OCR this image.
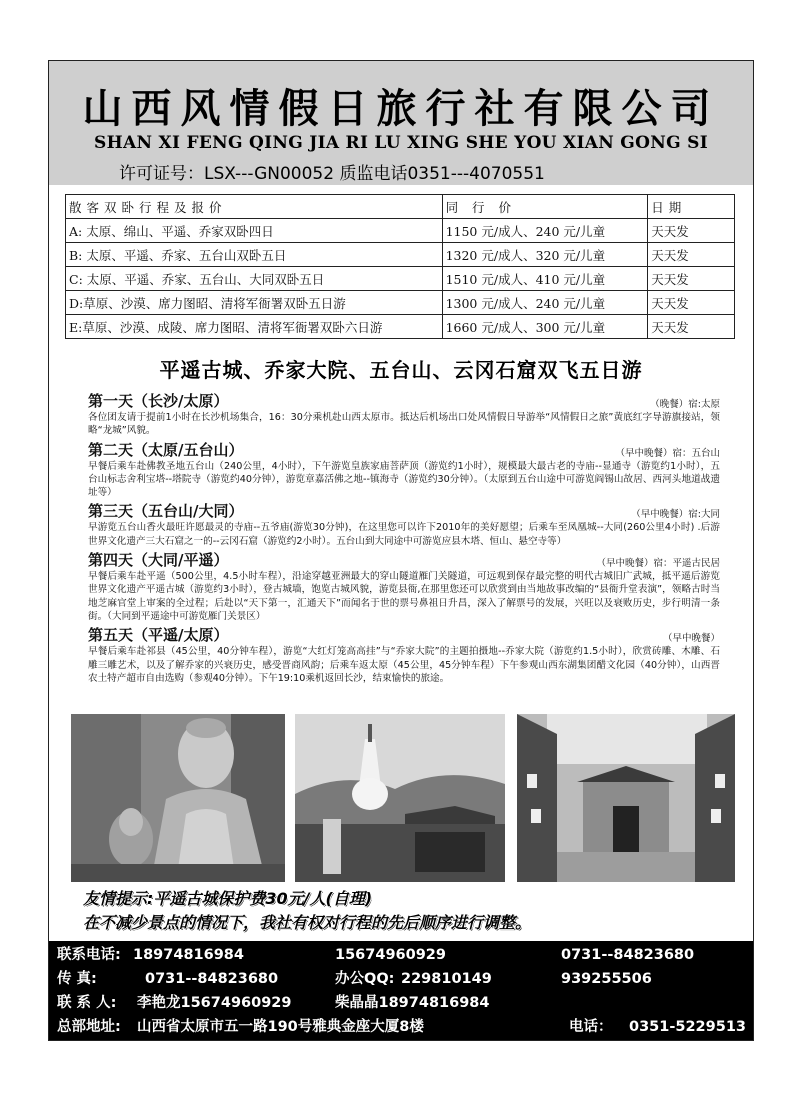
山西风情假日旅行社有限公司
SHAN XI FENG QING JIA RI LU XING SHE YOU XIAN GONG SI
许可证号：LSX---GN00052 质监电话0351---4070551
散客双卧行程及报价	同 行 价	日期
A: 太原、绵山、平遥、乔家双卧四日	1150 元/成人、240 元/儿童	天天发
B: 太原、平遥、乔家、五台山双卧五日	1320 元/成人、320 元/儿童	天天发
C: 太原、平遥、乔家、五台山、大同双卧五日	1510 元/成人、410 元/儿童	天天发
D:草原、沙漠、席力图昭、清将军衙署双卧五日游	1300 元/成人、240 元/儿童	天天发
E:草原、沙漠、成陵、席力图昭、清将军衙署双卧六日游	1660 元/成人、300 元/儿童	天天发
平遥古城、乔家大院、五台山、云冈石窟双飞五日游
第一天（长沙/太原）	（晚餐）宿:太原
各位团友请于提前1小时在长沙机场集合，16：30分乘机赴山西太原市。抵达后机场出口处风情假日导游举“风情假日之旅”黄底红字导游旗接站，领略“龙城”风貌。
第二天（太原/五台山）	（早中晚餐）宿：五台山
早餐后乘车赴佛教圣地五台山（240公里，4小时），下午游览皇族家庙菩萨顶（游览约1小时），规模最大最古老的寺庙--显通寺（游览约1小时），五台山标志舍利宝塔--塔院寺（游览约40分钟），游览章嘉活佛之地--镇海寺（游览约30分钟）。（太原到五台山途中可游览阎锡山故居、西河头地道战遗址等）
第三天（五台山/大同）	（早中晚餐）宿:大同
早游览五台山香火最旺许愿最灵的寺庙--五爷庙(游览30分钟)，在这里您可以许下2010年的美好愿望；后乘车至凤凰城--大同(260公里4小时) .后游世界文化遗产三大石窟之一的--云冈石窟（游览约2小时）。五台山到大同途中可游览应县木塔、恒山、悬空寺等）
第四天（大同/平遥）	（早中晚餐）宿：平遥古民居
早餐后乘车赴平遥（500公里，4.5小时车程），沿途穿越亚洲最大的穿山隧道雁门关隧道，可远观到保存最完整的明代古城旧广武城，抵平遥后游览世界文化遗产平遥古城（游览约3小时），登古城墙，饱览古城风貌，游览县衙,在那里您还可以欣赏到由当地故事改编的“县衙升堂表演”，领略古时当地芝麻官堂上审案的全过程；后赴以“天下第一，汇通天下”而闻名于世的票号鼻祖日升昌，深入了解票号的发展，兴旺以及衰败历史，步行明清一条街。（大同到平遥途中可游览雁门关景区）
第五天（平遥/太原）	（早中晚餐）
早餐后乘车赴祁县（45公里，40分钟车程），游览“大红灯笼高高挂”与“乔家大院”的主题拍摄地--乔家大院（游览约1.5小时），欣赏砖雕、木雕、石雕三雕艺术，以及了解乔家的兴衰历史，感受晋商风韵；后乘车返太原（45公里，45分钟车程）下午参观山西东湖集团醋文化园（40分钟），山西晋农土特产超市自由选购（参观40分钟）。下午19:10乘机返回长沙，结束愉快的旅途。
友情提示:平遥古城保护费30元/人(自理)
在不减少景点的情况下，我社有权对行程的先后顺序进行调整。
联系电话: 18974816984	15674960929	0731--84823680
传 真:	0731--84823680	办公QQ: 229810149	939255506
联 系 人: 李艳龙15674960929	柴晶晶18974816984
总部地址: 山西省太原市五一路190号雅典金座大厦8楼	电话： 0351-5229513
